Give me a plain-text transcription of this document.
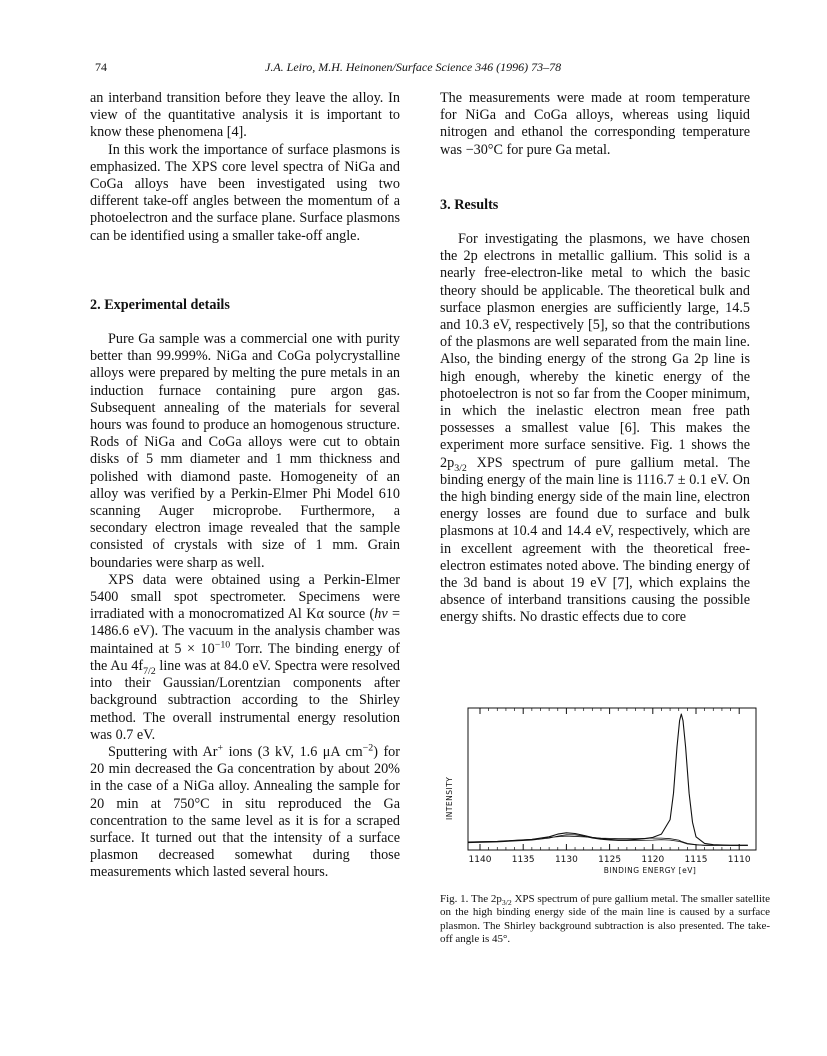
74	J.A. Leiro, M.H. Heinonen/Surface Science 346 (1996) 73–78

an interband transition before they leave the alloy. In view of the quantitative analysis it is important to know these phenomena [4].

In this work the importance of surface plasmons is emphasized. The XPS core level spectra of NiGa and CoGa alloys have been investigated using two different take-off angles between the momentum of a photoelectron and the surface plane. Surface plasmons can be identified using a smaller take-off angle.

2. Experimental details

Pure Ga sample was a commercial one with purity better than 99.999%. NiGa and CoGa polycrystalline alloys were prepared by melting the pure metals in an induction furnace containing pure argon gas. Subsequent annealing of the materials for several hours was found to produce an homogenous structure. Rods of NiGa and CoGa alloys were cut to obtain disks of 5 mm diameter and 1 mm thickness and polished with diamond paste. Homogeneity of an alloy was verified by a Perkin-Elmer Phi Model 610 scanning Auger microprobe. Furthermore, a secondary electron image revealed that the sample consisted of crystals with size of 1 mm. Grain boundaries were sharp as well.

XPS data were obtained using a Perkin-Elmer 5400 small spot spectrometer. Specimens were irradiated with a monocromatized Al Kα source (hν = 1486.6 eV). The vacuum in the analysis chamber was maintained at $5 \times 10^{-10}$ Torr. The binding energy of the Au $4f_{7/2}$ line was at 84.0 eV. Spectra were resolved into their Gaussian/Lorentzian components after background subtraction according to the Shirley method. The overall instrumental energy resolution was 0.7 eV.

Sputtering with Ar+ ions (3 kV, 1.6 μA $cm^{-2}$) for 20 min decreased the Ga concentration by about 20% in the case of a NiGa alloy. Annealing the sample for 20 min at 750°C in situ reproduced the Ga concentration to the same level as it is for a scraped surface. It turned out that the intensity of a surface plasmon decreased somewhat during those measurements which lasted several hours.

The measurements were made at room temperature for NiGa and CoGa alloys, whereas using liquid nitrogen and ethanol the corresponding temperature was −30°C for pure Ga metal.

3. Results

For investigating the plasmons, we have chosen the 2p electrons in metallic gallium. This solid is a nearly free-electron-like metal to which the basic theory should be applicable. The theoretical bulk and surface plasmon energies are sufficiently large, 14.5 and 10.3 eV, respectively [5], so that the contributions of the plasmons are well separated from the main line. Also, the binding energy of the strong Ga 2p line is high enough, whereby the kinetic energy of the photoelectron is not so far from the Cooper minimum, in which the inelastic electron mean free path possesses a smallest value [6]. This makes the experiment more surface sensitive. Fig. 1 shows the $2p_{3/2}$ XPS spectrum of pure gallium metal. The binding energy of the main line is 1116.7 ± 0.1 eV. On the high binding energy side of the main line, electron energy losses are found due to surface and bulk plasmons at 10.4 and 14.4 eV, respectively, which are in excellent agreement with the theoretical free-electron estimates noted above. The binding energy of the 3d band is about 19 eV [7], which explains the absence of interband transitions causing the possible energy shifts. No drastic effects due to core

1140 1135 1130 1125 1120 1115 1110
INTENSITY
BINDING ENERGY [eV]

Fig. 1. The $2p_{3/2}$ XPS spectrum of pure gallium metal. The smaller satellite on the high binding energy side of the main line is caused by a surface plasmon. The Shirley background subtraction is also presented. The take-off angle is 45°.
